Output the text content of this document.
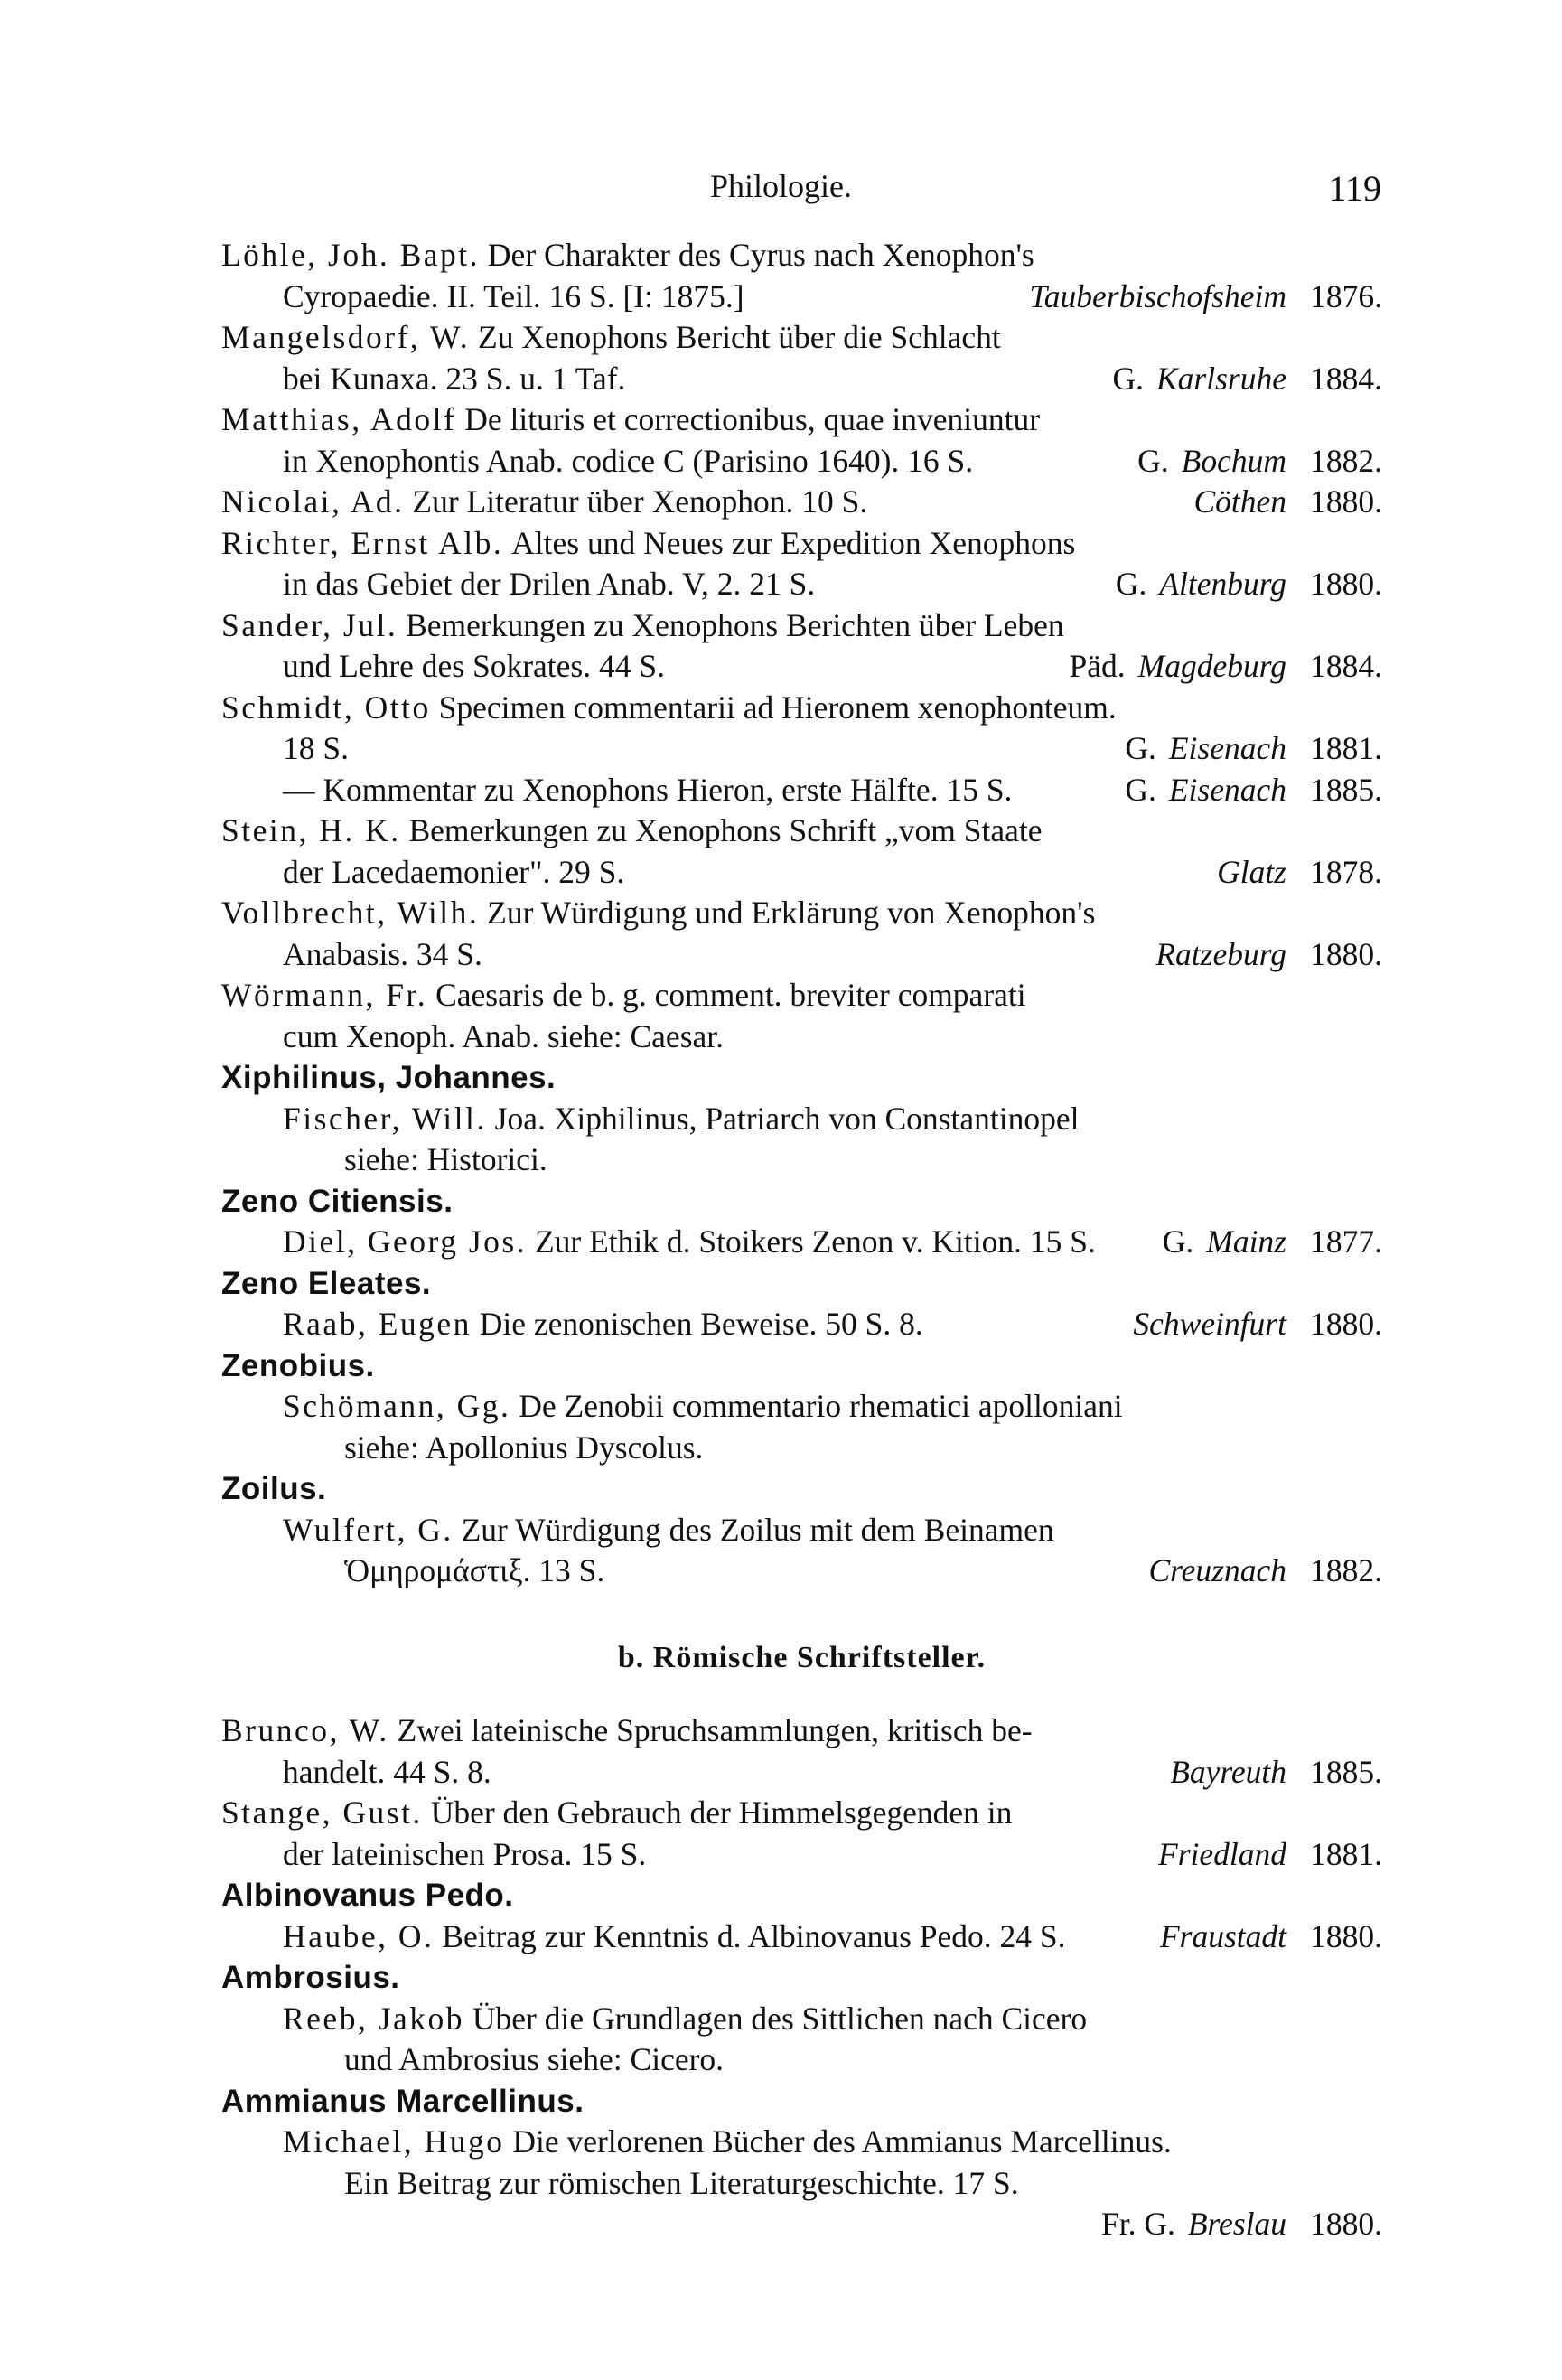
Philologie.	119
Löhle, Joh. Bapt.
Der Charakter des Cyrus nach Xenophon's
Cyropaedie. II. Teil. 16 S. [I: 1875.]	Tauberbischofsheim 1876.
Mangelsdorf, W.
Zu Xenophons Bericht über die Schlacht
bei Kunaxa. 23 S. u. 1 Taf.	G. Karlsruhe 1884.
Matthias, Adolf
De lituris et correctionibus, quae inveniuntur
in Xenophontis Anab. codice C (Parisino 1640). 16 S.	G. Bochum 1882.
Nicolai, Ad. Zur Literatur über Xenophon. 10 S.	Cöthen 1880.
Richter, Ernst Alb.
Altes und Neues zur Expedition Xenophons
in das Gebiet der Drilen Anab. V, 2. 21 S.	G. Altenburg 1880.
Sander, Jul.
Bemerkungen zu Xenophons Berichten über Leben
und Lehre des Sokrates. 44 S.	Päd. Magdeburg 1884.
Schmidt, Otto
Specimen commentarii ad Hieronem xenophonteum.
18 S.	G. Eisenach 1881.
— Kommentar zu Xenophons Hieron, erste Hälfte. 15 S.	G. Eisenach 1885.
Stein, H. K.
Bemerkungen zu Xenophons Schrift „vom Staate
der Lacedaemonier". 29 S.	Glatz 1878.
Vollbrecht, Wilh.
Zur Würdigung und Erklärung von Xenophon's
Anabasis. 34 S.	Ratzeburg 1880.
Wörmann, Fr.
Caesaris de b. g. comment. breviter comparati
cum Xenoph. Anab. siehe: Caesar.
Xiphilinus, Johannes.
Fischer, Will.
Joa. Xiphilinus, Patriarch von Constantinopel
siehe: Historici.
Zeno Citiensis.
Diel, Georg Jos. Zur Ethik d. Stoikers Zenon v. Kition. 15 S. G. Mainz 1877.
Zeno Eleates.
Raab, Eugen Die zenonischen Beweise. 50 S. 8.	Schweinfurt 1880.
Zenobius.
Schömann, Gg.
De Zenobii commentario rhematici apolloniani
siehe: Apollonius Dyscolus.
Zoilus.
Wulfert, G.
Zur Würdigung des Zoilus mit dem Beinamen
Ὁμηρομάστιξ. 13 S.	Creuznach 1882.
b. Römische Schriftsteller.
Brunco, W.
Zwei lateinische Spruchsammlungen, kritisch be-
handelt. 44 S. 8.	Bayreuth 1885.
Stange, Gust.
Über den Gebrauch der Himmelsgegenden in
der lateinischen Prosa. 15 S.	Friedland 1881.
Albinovanus Pedo.
Haube, O. Beitrag zur Kenntnis d. Albinovanus Pedo. 24 S.	Fraustadt 1880.
Ambrosius.
Reeb, Jakob
Über die Grundlagen des Sittlichen nach Cicero
und Ambrosius siehe: Cicero.
Ammianus Marcellinus.
Michael, Hugo
Die verlorenen Bücher des Ammianus Marcellinus.
Ein Beitrag zur römischen Literaturgeschichte. 17 S.
Fr. G. Breslau 1880.
